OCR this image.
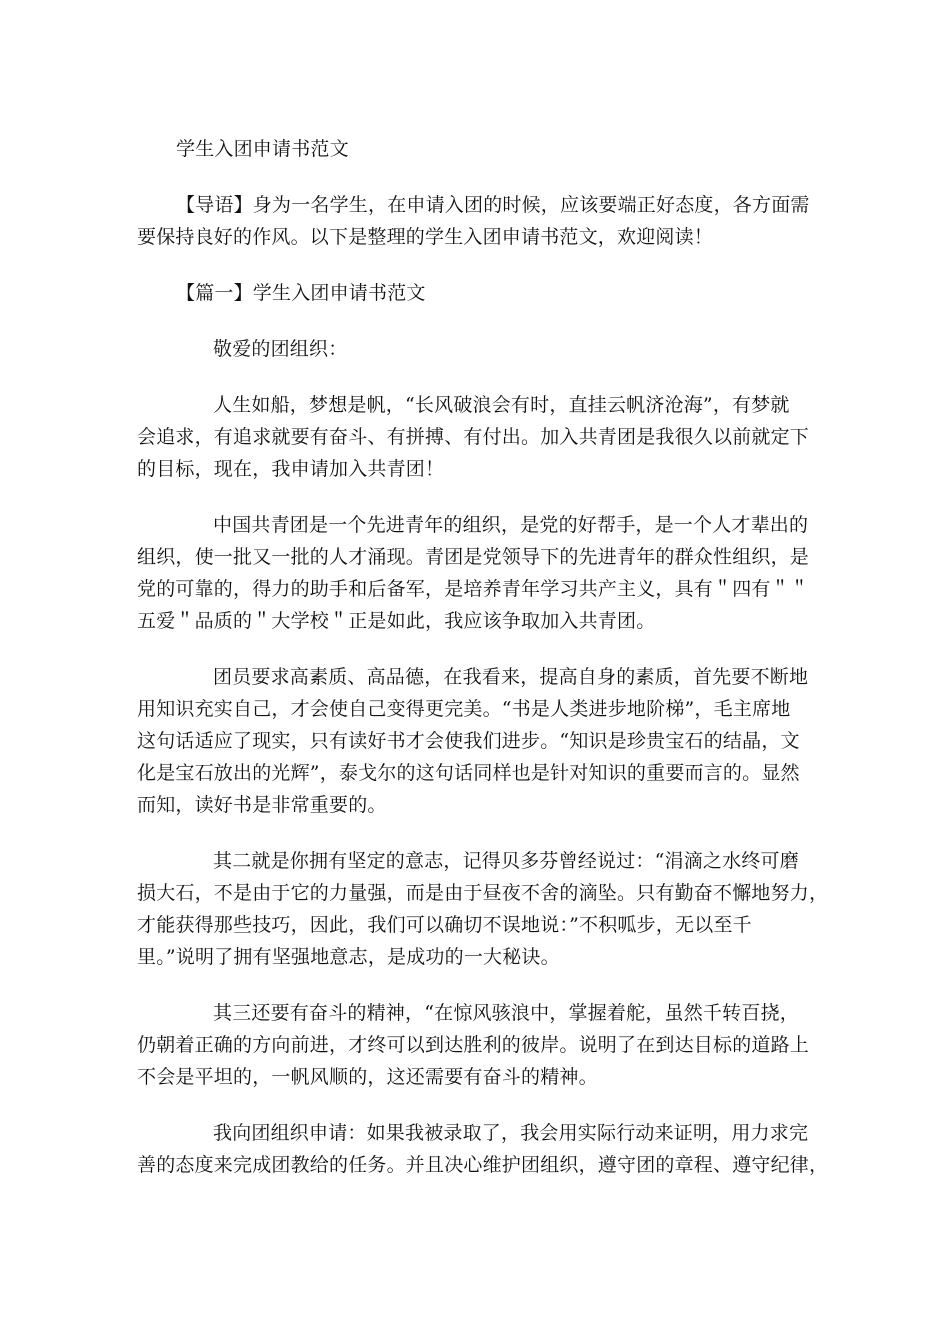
学生入团申请书范文
【导语】身为一名学生，在申请入团的时候，应该要端正好态度，各方面需
要保持良好的作风。以下是整理的学生入团申请书范文，欢迎阅读！
【篇一】学生入团申请书范文
敬爱的团组织：
人生如船，梦想是帆，“长风破浪会有时，直挂云帆济沧海”，有梦就
会追求，有追求就要有奋斗、有拼搏、有付出。加入共青团是我很久以前就定下
的目标，现在，我申请加入共青团！
中国共青团是一个先进青年的组织，是党的好帮手，是一个人才辈出的
组织，使一批又一批的人才涌现。青团是党领导下的先进青年的群众性组织，是
党的可靠的，得力的助手和后备军，是培养青年学习共产主义，具有＂四有＂＂
五爱＂品质的＂大学校＂正是如此，我应该争取加入共青团。
团员要求高素质、高品德，在我看来，提高自身的素质，首先要不断地
用知识充实自己，才会使自己变得更完美。“书是人类进步地阶梯”，毛主席地
这句话适应了现实，只有读好书才会使我们进步。“知识是珍贵宝石的结晶，文
化是宝石放出的光辉”，泰戈尔的这句话同样也是针对知识的重要而言的。显然
而知，读好书是非常重要的。
其二就是你拥有坚定的意志，记得贝多芬曾经说过：“涓滴之水终可磨
损大石，不是由于它的力量强，而是由于昼夜不舍的滴坠。只有勤奋不懈地努力，
才能获得那些技巧，因此，我们可以确切不误地说：”不积呱步，无以至千
里。”说明了拥有坚强地意志，是成功的一大秘诀。
其三还要有奋斗的精神，“在惊风骇浪中，掌握着舵，虽然千转百挠，
仍朝着正确的方向前进，才终可以到达胜利的彼岸。说明了在到达目标的道路上
不会是平坦的，一帆风顺的，这还需要有奋斗的精神。
我向团组织申请：如果我被录取了，我会用实际行动来证明，用力求完
善的态度来完成团教给的任务。并且决心维护团组织，遵守团的章程、遵守纪律，
